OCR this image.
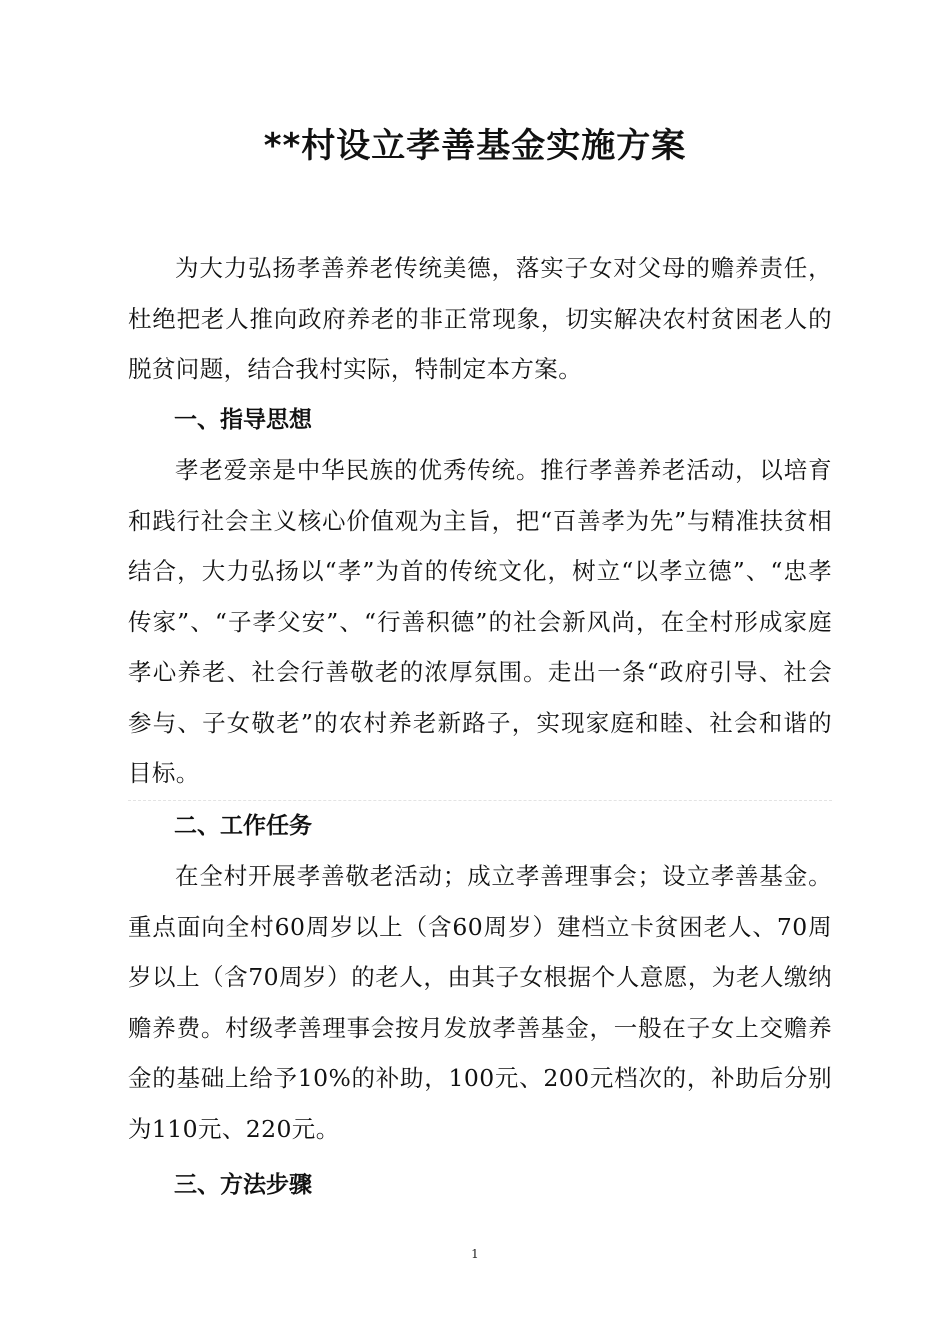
**村设立孝善基金实施方案

为大力弘扬孝善养老传统美德，落实子女对父母的赡养责任，杜绝把老人推向政府养老的非正常现象，切实解决农村贫困老人的脱贫问题，结合我村实际，特制定本方案。

一、指导思想

孝老爱亲是中华民族的优秀传统。推行孝善养老活动，以培育和践行社会主义核心价值观为主旨，把“百善孝为先”与精准扶贫相结合，大力弘扬以“孝”为首的传统文化，树立“以孝立德”、“忠孝传家”、“子孝父安”、“行善积德”的社会新风尚，在全村形成家庭孝心养老、社会行善敬老的浓厚氛围。走出一条“政府引导、社会参与、子女敬老”的农村养老新路子，实现家庭和睦、社会和谐的目标。

二、工作任务

在全村开展孝善敬老活动；成立孝善理事会；设立孝善基金。重点面向全村60周岁以上（含60周岁）建档立卡贫困老人、70周岁以上（含70周岁）的老人，由其子女根据个人意愿，为老人缴纳赡养费。村级孝善理事会按月发放孝善基金，一般在子女上交赡养金的基础上给予10%的补助，100元、200元档次的，补助后分别为110元、220元。

三、方法步骤
1
